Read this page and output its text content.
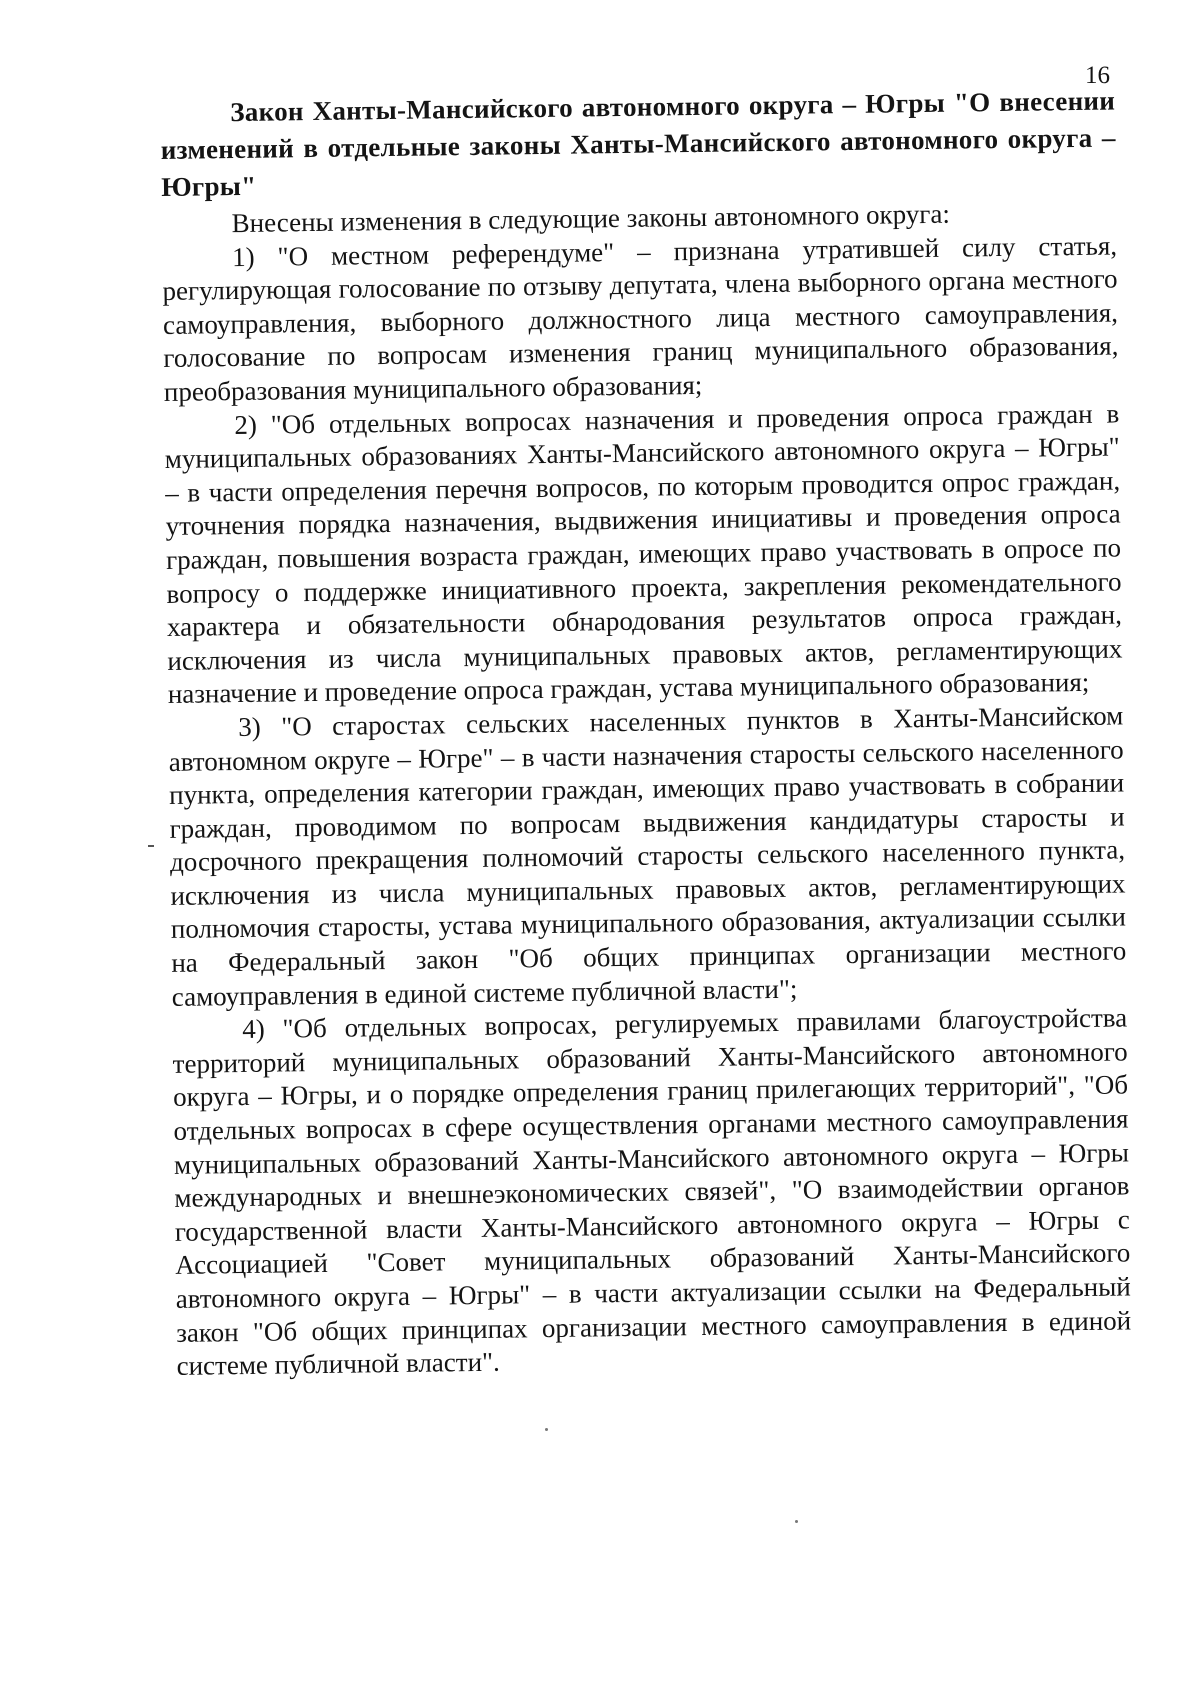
16

Закон Ханты-Мансийского автономного округа – Югры "О внесении изменений в отдельные законы Ханты-Мансийского автономного округа – Югры"

Внесены изменения в следующие законы автономного округа:

1) "О местном референдуме" – признана утратившей силу статья, регулирующая голосование по отзыву депутата, члена выборного органа местного самоуправления, выборного должностного лица местного самоуправления, голосование по вопросам изменения границ муниципального образования, преобразования муниципального образования;

2) "Об отдельных вопросах назначения и проведения опроса граждан в муниципальных образованиях Ханты-Мансийского автономного округа – Югры" – в части определения перечня вопросов, по которым проводится опрос граждан, уточнения порядка назначения, выдвижения инициативы и проведения опроса граждан, повышения возраста граждан, имеющих право участвовать в опросе по вопросу о поддержке инициативного проекта, закрепления рекомендательного характера и обязательности обнародования результатов опроса граждан, исключения из числа муниципальных правовых актов, регламентирующих назначение и проведение опроса граждан, устава муниципального образования;

3) "О старостах сельских населенных пунктов в Ханты-Мансийском автономном округе – Югре" – в части назначения старосты сельского населенного пункта, определения категории граждан, имеющих право участвовать в собрании граждан, проводимом по вопросам выдвижения кандидатуры старосты и досрочного прекращения полномочий старосты сельского населенного пункта, исключения из числа муниципальных правовых актов, регламентирующих полномочия старосты, устава муниципального образования, актуализации ссылки на Федеральный закон "Об общих принципах организации местного самоуправления в единой системе публичной власти";

4) "Об отдельных вопросах, регулируемых правилами благоустройства территорий муниципальных образований Ханты-Мансийского автономного округа – Югры, и о порядке определения границ прилегающих территорий", "Об отдельных вопросах в сфере осуществления органами местного самоуправления муниципальных образований Ханты-Мансийского автономного округа – Югры международных и внешнеэкономических связей", "О взаимодействии органов государственной власти Ханты-Мансийского автономного округа – Югры с Ассоциацией "Совет муниципальных образований Ханты-Мансийского автономного округа – Югры" – в части актуализации ссылки на Федеральный закон "Об общих принципах организации местного самоуправления в единой системе публичной власти".
